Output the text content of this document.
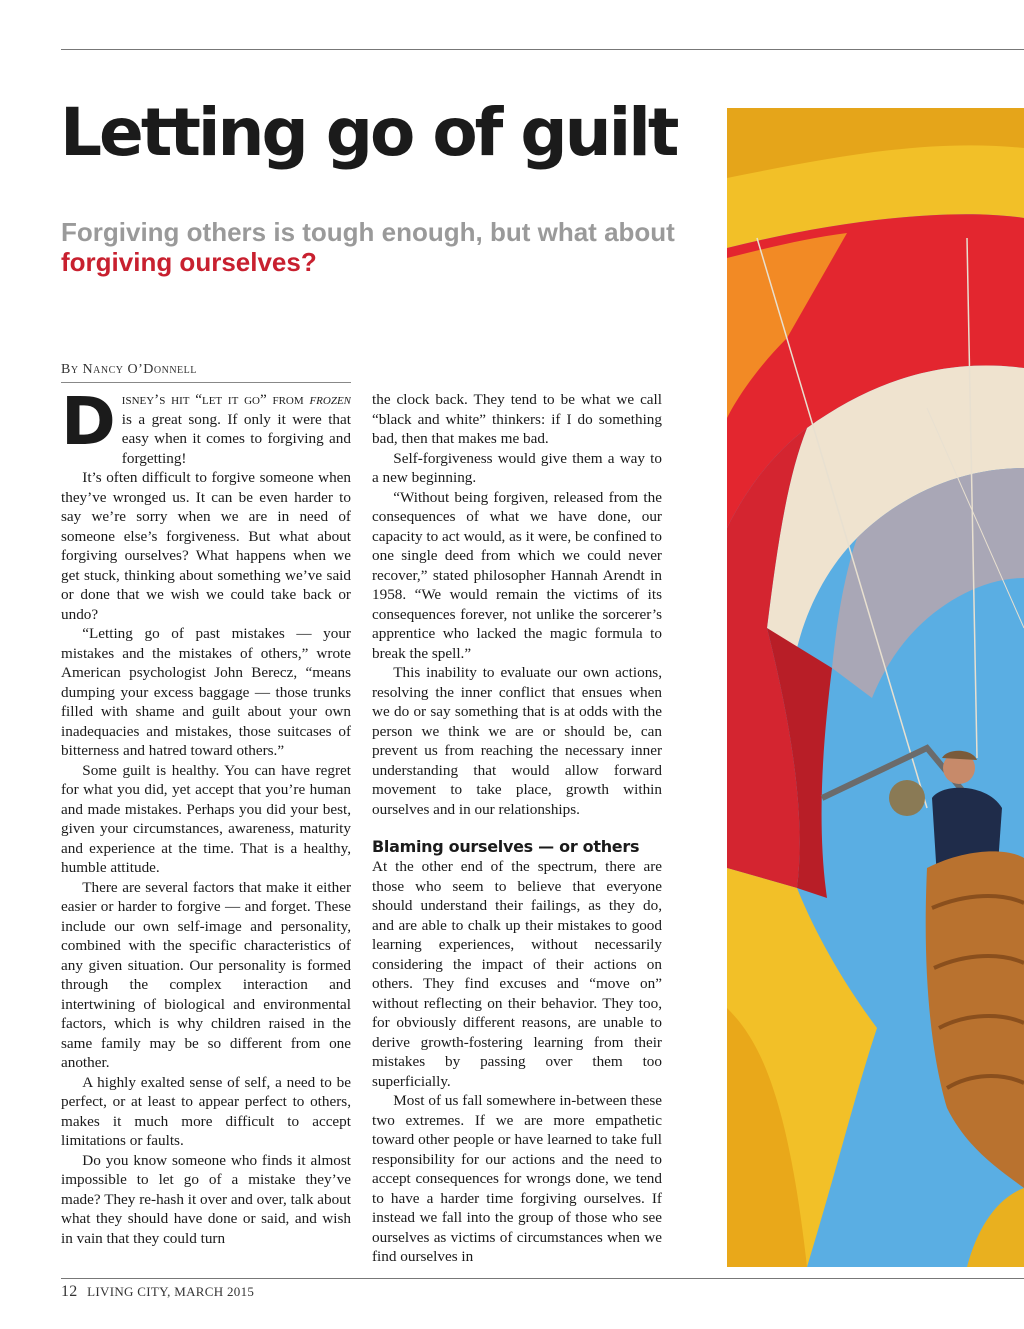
Letting go of guilt
Forgiving others is tough enough, but what about forgiving ourselves?
By Nancy O’Donnell

Disney’s hit “let it go” from frozen is a great song. If only it were that easy when it comes to forgiving and forgetting!

It’s often difficult to forgive someone when they’ve wronged us. It can be even harder to say we’re sorry when we are in need of someone else’s forgiveness. But what about forgiving ourselves? What happens when we get stuck, thinking about something we’ve said or done that we wish we could take back or undo?

“Letting go of past mistakes — your mistakes and the mistakes of others,” wrote American psychologist John Berecz, “means dumping your excess baggage — those trunks filled with shame and guilt about your own inadequacies and mistakes, those suitcases of bitterness and hatred toward others.”

Some guilt is healthy. You can have regret for what you did, yet accept that you’re human and made mistakes. Perhaps you did your best, given your circumstances, awareness, maturity and experience at the time. That is a healthy, humble attitude.

There are several factors that make it either easier or harder to forgive — and forget. These include our own self-image and personality, combined with the specific characteristics of any given situation. Our personality is formed through the complex interaction and intertwining of biological and environmental factors, which is why children raised in the same family may be so different from one another.

A highly exalted sense of self, a need to be perfect, or at least to appear perfect to others, makes it much more difficult to accept limitations or faults.

Do you know someone who finds it almost impossible to let go of a mistake they’ve made? They re-hash it over and over, talk about what they should have done or said, and wish in vain that they could turn

the clock back. They tend to be what we call “black and white” thinkers: if I do something bad, then that makes me bad.

Self-forgiveness would give them a way to a new beginning.

“Without being forgiven, released from the consequences of what we have done, our capacity to act would, as it were, be confined to one single deed from which we could never recover,” stated philosopher Hannah Arendt in 1958. “We would remain the victims of its consequences forever, not unlike the sorcerer’s apprentice who lacked the magic formula to break the spell.”

This inability to evaluate our own actions, resolving the inner conflict that ensues when we do or say something that is at odds with the person we think we are or should be, can prevent us from reaching the necessary inner understanding that would allow forward movement to take place, growth within ourselves and in our relationships.

Blaming ourselves — or others

At the other end of the spectrum, there are those who seem to believe that everyone should understand their failings, as they do, and are able to chalk up their mistakes to good learning experiences, without necessarily considering the impact of their actions on others. They find excuses and “move on” without reflecting on their behavior. They too, for obviously different reasons, are unable to derive growth-fostering learning from their mistakes by passing over them too superficially.

Most of us fall somewhere in-between these two extremes. If we are more empathetic toward other people or have learned to take full responsibility for our actions and the need to accept consequences for wrongs done, we tend to have a harder time forgiving ourselves. If instead we fall into the group of those who see ourselves as victims of circumstances when we find ourselves in

12 LIVING CITY, MARCH 2015
